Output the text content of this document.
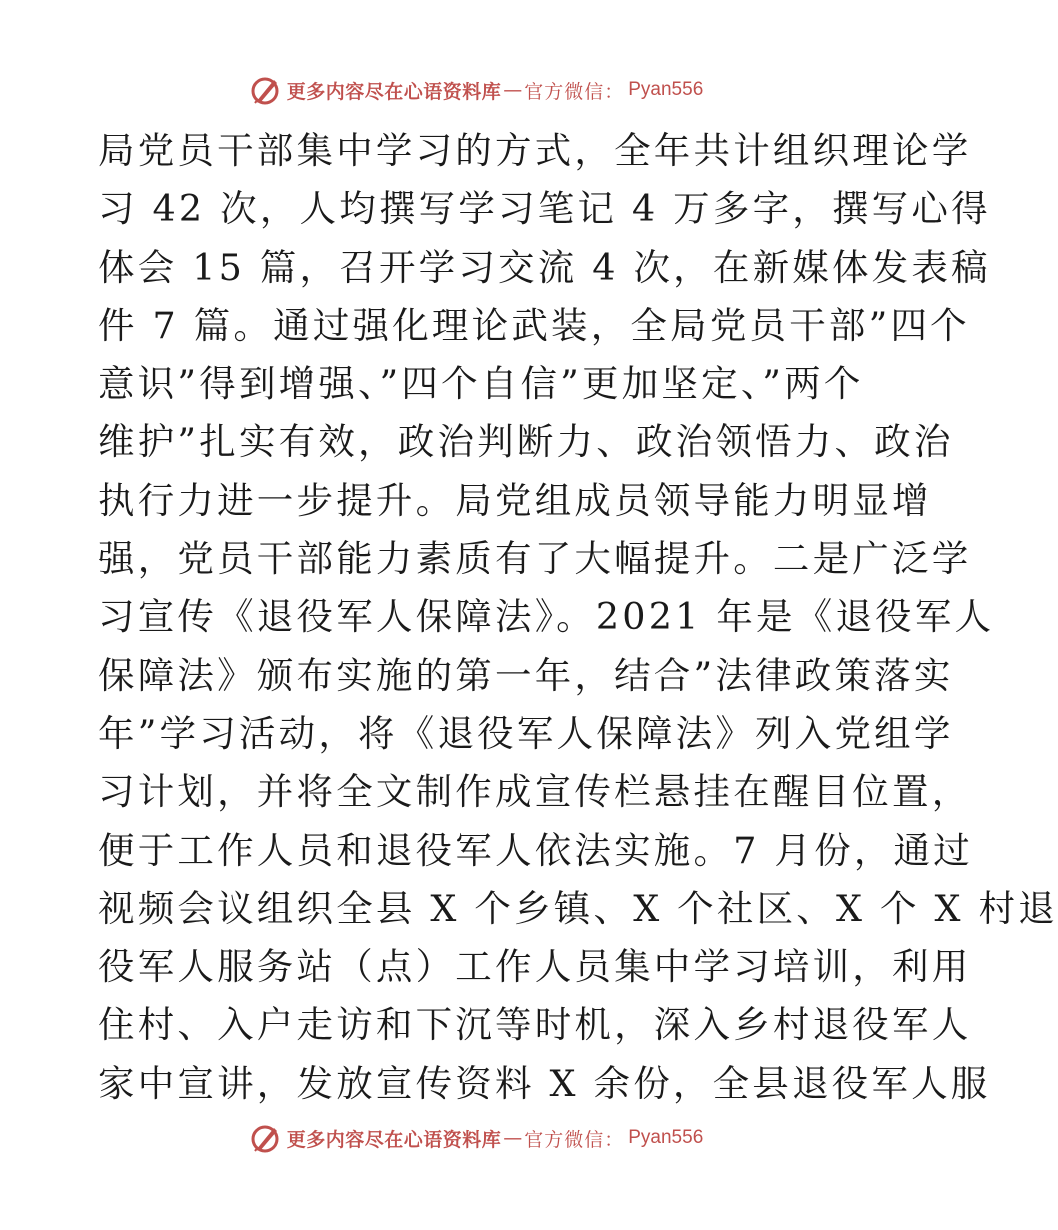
更多内容尽在心语资料库 — 官方微信： Pyan556
局党员干部集中学习的方式，全年共计组织理论学
习 42 次，人均撰写学习笔记 4 万多字，撰写心得
体会 15 篇，召开学习交流 4 次，在新媒体发表稿
件 7 篇。通过强化理论武装，全局党员干部”四个
意识”得到增强、”四个自信”更加坚定、”两个
维护”扎实有效，政治判断力、政治领悟力、政治
执行力进一步提升。局党组成员领导能力明显增
强，党员干部能力素质有了大幅提升。二是广泛学
习宣传《退役军人保障法》。2021 年是《退役军人
保障法》颁布实施的第一年，结合”法律政策落实
年”学习活动，将《退役军人保障法》列入党组学
习计划，并将全文制作成宣传栏悬挂在醒目位置，
便于工作人员和退役军人依法实施。7 月份，通过
视频会议组织全县 X 个乡镇、X 个社区、X 个 X 村退
役军人服务站（点）工作人员集中学习培训，利用
住村、入户走访和下沉等时机，深入乡村退役军人
家中宣讲，发放宣传资料 X 余份，全县退役军人服
更多内容尽在心语资料库 — 官方微信： Pyan556
